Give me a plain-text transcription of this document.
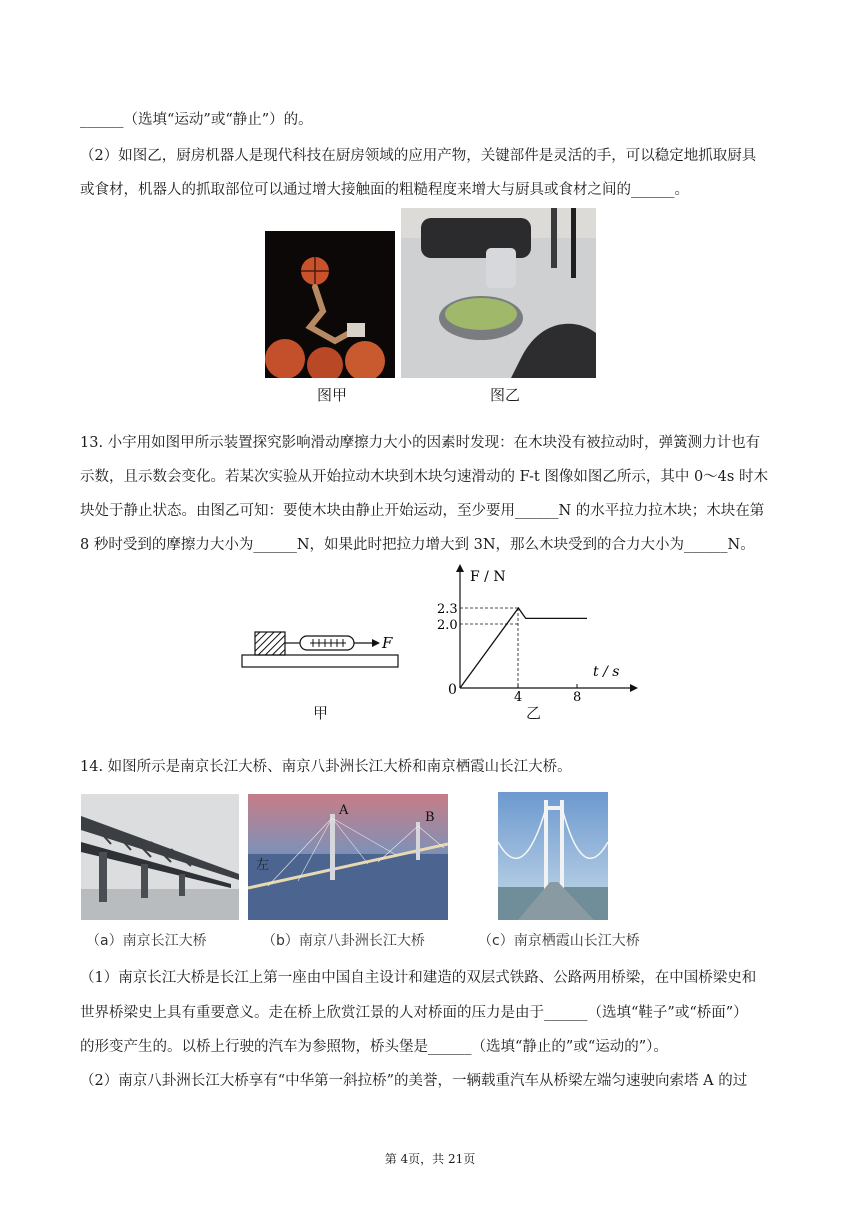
______（选填“运动”或“静止”）的。
（2）如图乙，厨房机器人是现代科技在厨房领域的应用产物，关键部件是灵活的手，可以稳定地抓取厨具
或食材，机器人的抓取部位可以通过增大接触面的粗糙程度来增大与厨具或食材之间的______。
图甲	图乙
13. 小宇用如图甲所示装置探究影响滑动摩擦力大小的因素时发现：在木块没有被拉动时，弹簧测力计也有
示数，且示数会变化。若某次实验从开始拉动木块到木块匀速滑动的 F-t 图像如图乙所示，其中 0～4s 时木
块处于静止状态。由图乙可知：要使木块由静止开始运动，至少要用______N 的水平拉力拉木块；木块在第
8 秒时受到的摩擦力大小为______N，如果此时把拉力增大到 3N，那么木块受到的合力大小为______N。
F
甲
F / N
t / s
0
2.3
2.0
4	8
乙
14. 如图所示是南京长江大桥、南京八卦洲长江大桥和南京栖霞山长江大桥。
A	B
左
（a）南京长江大桥	（b）南京八卦洲长江大桥	（c）南京栖霞山长江大桥
（1）南京长江大桥是长江上第一座由中国自主设计和建造的双层式铁路、公路两用桥梁，在中国桥梁史和
世界桥梁史上具有重要意义。走在桥上欣赏江景的人对桥面的压力是由于______（选填“鞋子”或“桥面”）
的形变产生的。以桥上行驶的汽车为参照物，桥头堡是______（选填“静止的”或“运动的”）。
（2）南京八卦洲长江大桥享有“中华第一斜拉桥”的美誉，一辆载重汽车从桥梁左端匀速驶向索塔 A 的过
第 4页，共 21页
